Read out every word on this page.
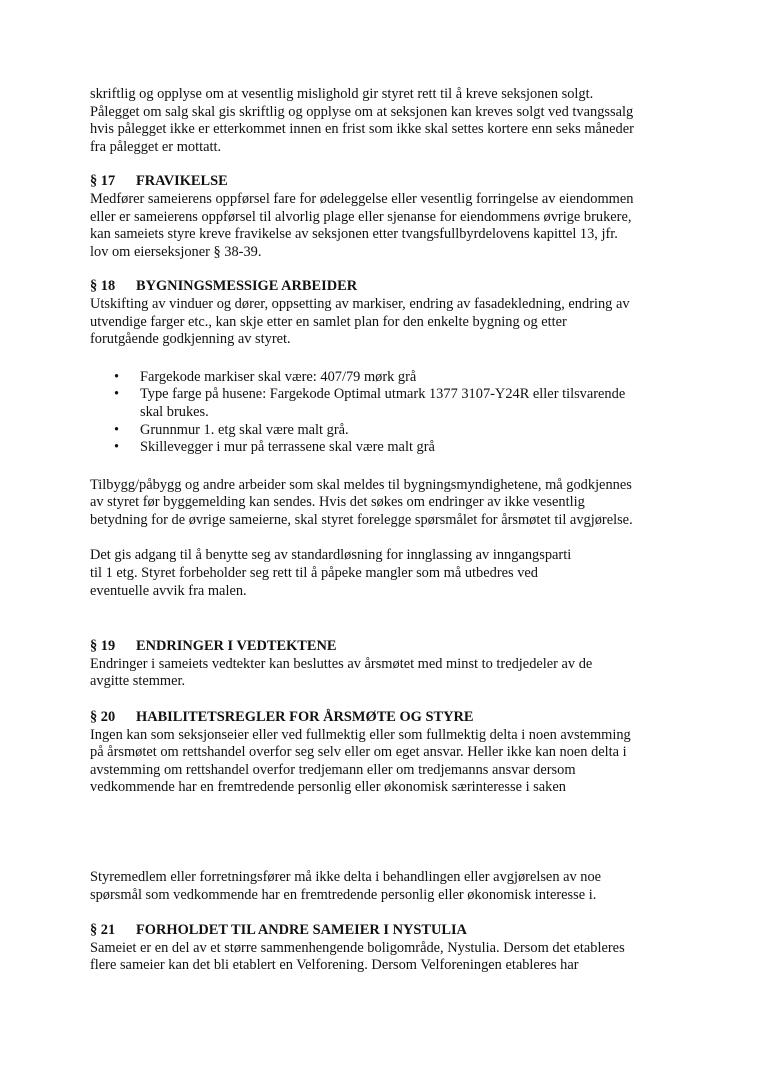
skriftlig og opplyse om at vesentlig mislighold gir styret rett til å kreve seksjonen solgt.
Pålegget om salg skal gis skriftlig og opplyse om at seksjonen kan kreves solgt ved tvangssalg
hvis pålegget ikke er etterkommet innen en frist som ikke skal settes kortere enn seks måneder
fra pålegget er mottatt.

§ 17 FRAVIKELSE

Medfører sameierens oppførsel fare for ødeleggelse eller vesentlig forringelse av eiendommen
eller er sameierens oppførsel til alvorlig plage eller sjenanse for eiendommens øvrige brukere,
kan sameiets styre kreve fravikelse av seksjonen etter tvangsfullbyrdelovens kapittel 13, jfr.
lov om eierseksjoner § 38-39.

§ 18 BYGNINGSMESSIGE ARBEIDER

Utskifting av vinduer og dører, oppsetting av markiser, endring av fasadekledning, endring av
utvendige farger etc., kan skje etter en samlet plan for den enkelte bygning og etter
forutgående godkjenning av styret.

• Fargekode markiser skal være: 407/79 mørk grå
• Type farge på husene: Fargekode Optimal utmark 1377 3107-Y24R eller tilsvarende
skal brukes.
• Grunnmur 1. etg skal være malt grå.
• Skillevegger i mur på terrassene skal være malt grå

Tilbygg/påbygg og andre arbeider som skal meldes til bygningsmyndighetene, må godkjennes
av styret før byggemelding kan sendes. Hvis det søkes om endringer av ikke vesentlig
betydning for de øvrige sameierne, skal styret forelegge spørsmålet for årsmøtet til avgjørelse.

Det gis adgang til å benytte seg av standardløsning for innglassing av inngangsparti
til 1 etg. Styret forbeholder seg rett til å påpeke mangler som må utbedres ved
eventuelle avvik fra malen.

§ 19 ENDRINGER I VEDTEKTENE

Endringer i sameiets vedtekter kan besluttes av årsmøtet med minst to tredjedeler av de
avgitte stemmer.

§ 20 HABILITETSREGLER FOR ÅRSMØTE OG STYRE

Ingen kan som seksjonseier eller ved fullmektig eller som fullmektig delta i noen avstemming
på årsmøtet om rettshandel overfor seg selv eller om eget ansvar. Heller ikke kan noen delta i
avstemming om rettshandel overfor tredjemann eller om tredjemanns ansvar dersom
vedkommende har en fremtredende personlig eller økonomisk særinteresse i saken

Styremedlem eller forretningsfører må ikke delta i behandlingen eller avgjørelsen av noe
spørsmål som vedkommende har en fremtredende personlig eller økonomisk interesse i.

§ 21 FORHOLDET TIL ANDRE SAMEIER I NYSTULIA

Sameiet er en del av et større sammenhengende boligområde, Nystulia. Dersom det etableres
flere sameier kan det bli etablert en Velforening. Dersom Velforeningen etableres har
